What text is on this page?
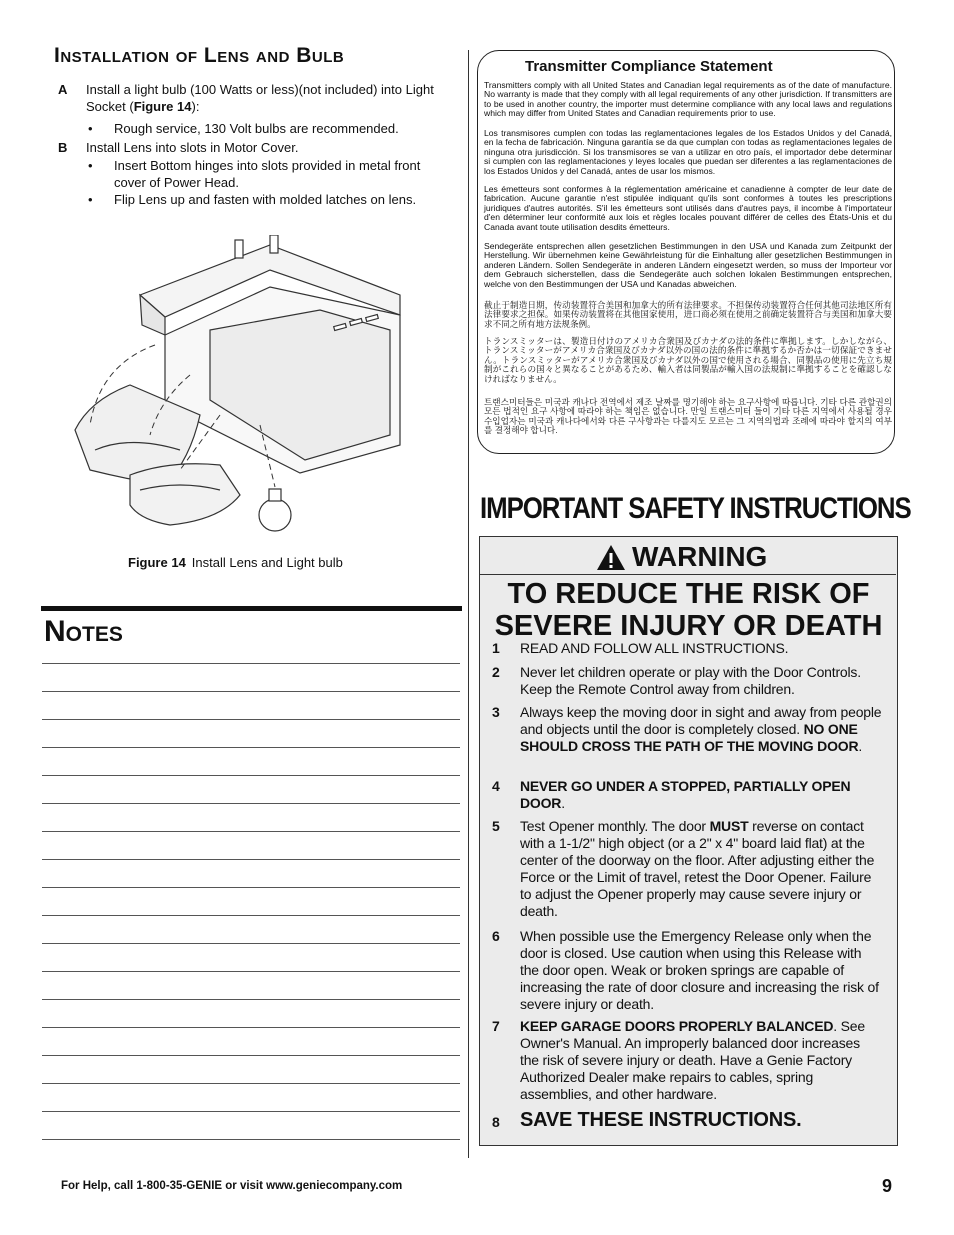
Installation of Lens and Bulb
A Install a light bulb (100 Watts or less)(not included) into Light Socket (Figure 14):
• Rough service, 130 Volt bulbs are recommended.
B Install Lens into slots in Motor Cover.
• Insert Bottom hinges into slots provided in metal front cover of Power Head.
• Flip Lens up and fasten with molded latches on lens.
Figure 14 Install Lens and Light bulb
Notes
Transmitter Compliance Statement
Transmitters comply with all United States and Canadian legal requirements as of the date of manufacture. No warranty is made that they comply with all legal requirements of any other jurisdiction. If transmitters are to be used in another country, the importer must determine compliance with any local laws and regulations which may differ from United States and Canadian requirements prior to use.
Los transmisores cumplen con todas las reglamentaciones legales de los Estados Unidos y del Canadá, en la fecha de fabricación. Ninguna garantía se da que cumplan con todas as reglamentaciones legales de ninguna otra jurisdicción. Si los transmisores se van a utilizar en otro país, el importador debe determinar si cumplen con las reglamentaciones y leyes locales que puedan ser diferentes a las reglamentaciones de los Estados Unidos y del Canadá, antes de usar los mismos.
Les émetteurs sont conformes à la réglementation américaine et canadienne à compter de leur date de fabrication. Aucune garantie n'est stipulée indiquant qu'ils sont conformes à toutes les prescriptions juridiques d'autres autorités. S'il les émetteurs sont utilisés dans d'autres pays, il incombe à l'importateur d'en déterminer leur conformité aux lois et règles locales pouvant différer de celles des États-Unis et du Canada avant toute utilisation desdits émetteurs.
Sendegeräte entsprechen allen gesetzlichen Bestimmungen in den USA und Kanada zum Zeitpunkt der Herstellung. Wir übernehmen keine Gewährleistung für die Einhaltung aller gesetzlichen Bestimmungen in anderen Ländern. Sollen Sendegeräte in anderen Ländern eingesetzt werden, so muss der Importeur vor dem Gebrauch sicherstellen, dass die Sendegeräte auch solchen lokalen Bestimmungen entsprechen, welche von den Bestimmungen der USA und Kanadas abweichen.
截止于制造日期，传动装置符合美国和加拿大的所有法律要求。不担保传动装置符合任何其他司法地区所有法律要求之担保。如果传动装置将在其他国家使用，进口商必须在使用之前确定装置符合与美国和加拿大要求不同之所有地方法规条例。
トランスミッターは、製造日付けのアメリカ合衆国及びカナダの法的条件に準拠します。しかしながら、トランスミッターがアメリカ合衆国及びカナダ以外の国の法的条件に準拠するか否かは一切保証できません。トランスミッターがアメリカ合衆国及びカナダ以外の国で使用される場合、同製品の使用に先立ち規制がこれらの国々と異なることがあるため、輸入者は同製品が輸入国の法規制に準拠することを確認しなければなりません。
트랜스미터들은 미국과 캐나다 전역에서 제조 날짜를 명기해야 하는 요구사항에 따릅니다. 기타 다른 관할권의 모든 법적인 요구 사항에 따라야 하는 책임은 없습니다. 만일 트랜스미터 들이 기타 다른 지역에서 사용될 경우 수입업자는 미국과 캐나다에서와 다른 구사항과는 다를지도 모르는 그 지역의법과 조례에 따라야 할지의 여부를 결정해야 합니다.
IMPORTANT SAFETY INSTRUCTIONS
WARNING
TO REDUCE THE RISK OF
SEVERE INJURY OR DEATH
1 READ AND FOLLOW ALL INSTRUCTIONS.
2 Never let children operate or play with the Door Controls. Keep the Remote Control away from children.
3 Always keep the moving door in sight and away from people and objects until the door is completely closed. NO ONE SHOULD CROSS THE PATH OF THE MOVING DOOR.
4 NEVER GO UNDER A STOPPED, PARTIALLY OPEN DOOR.
5 Test Opener monthly. The door MUST reverse on contact with a 1-1/2" high object (or a 2" x 4" board laid flat) at the center of the doorway on the floor. After adjusting either the Force or the Limit of travel, retest the Door Opener. Failure to adjust the Opener properly may cause severe injury or death.
6 When possible use the Emergency Release only when the door is closed. Use caution when using this Release with the door open. Weak or broken springs are capable of increasing the rate of door closure and increasing the risk of severe injury or death.
7 KEEP GARAGE DOORS PROPERLY BALANCED. See Owner's Manual. An improperly balanced door increases the risk of severe injury or death. Have a Genie Factory Authorized Dealer make repairs to cables, spring assemblies, and other hardware.
8 SAVE THESE INSTRUCTIONS.
For Help, call 1-800-35-GENIE or visit www.geniecompany.com	9
